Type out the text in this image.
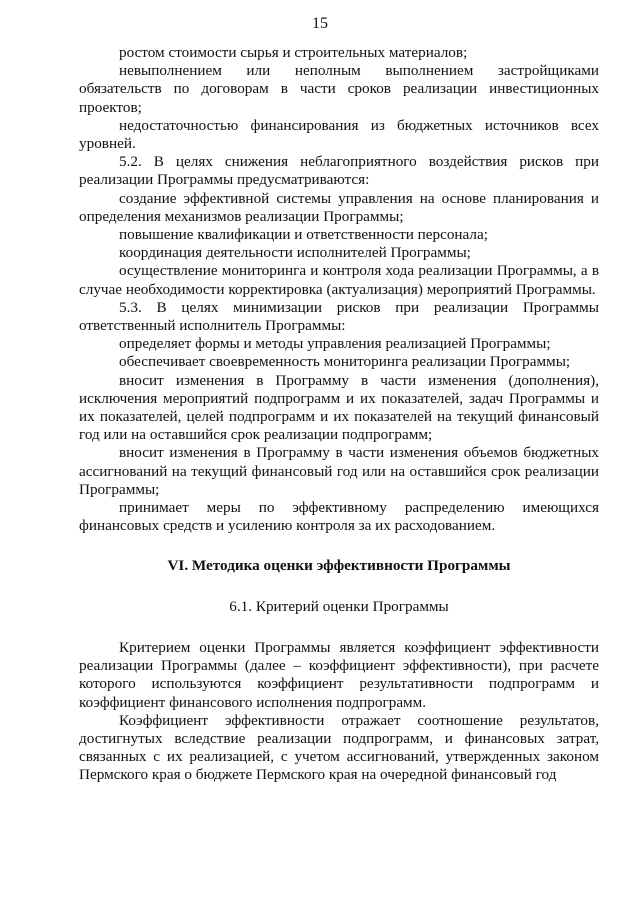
15

ростом стоимости сырья и строительных материалов;

невыполнением или неполным выполнением застройщиками обязательств по договорам в части сроков реализации инвестиционных проектов;

недостаточностью финансирования из бюджетных источников всех уровней.

5.2. В целях снижения неблагоприятного воздействия рисков при реализации Программы предусматриваются:

создание эффективной системы управления на основе планирования и определения механизмов реализации Программы;

повышение квалификации и ответственности персонала;

координация деятельности исполнителей Программы;

осуществление мониторинга и контроля хода реализации Программы, а в случае необходимости корректировка (актуализация) мероприятий Программы.

5.3. В целях минимизации рисков при реализации Программы ответственный исполнитель Программы:

определяет формы и методы управления реализацией Программы;

обеспечивает своевременность мониторинга реализации Программы;

вносит изменения в Программу в части изменения (дополнения), исключения мероприятий подпрограмм и их показателей, задач Программы и их показателей, целей подпрограмм и их показателей на текущий финансовый год или на оставшийся срок реализации подпрограмм;

вносит изменения в Программу в части изменения объемов бюджетных ассигнований на текущий финансовый год или на оставшийся срок реализации Программы;

принимает меры по эффективному распределению имеющихся финансовых средств и усилению контроля за их расходованием.

VI. Методика оценки эффективности Программы

6.1. Критерий оценки Программы

Критерием оценки Программы является коэффициент эффективности реализации Программы (далее – коэффициент эффективности), при расчете которого используются коэффициент результативности подпрограмм и коэффициент финансового исполнения подпрограмм.

Коэффициент эффективности отражает соотношение результатов, достигнутых вследствие реализации подпрограмм, и финансовых затрат, связанных с их реализацией, с учетом ассигнований, утвержденных законом Пермского края о бюджете Пермского края на очередной финансовый год
